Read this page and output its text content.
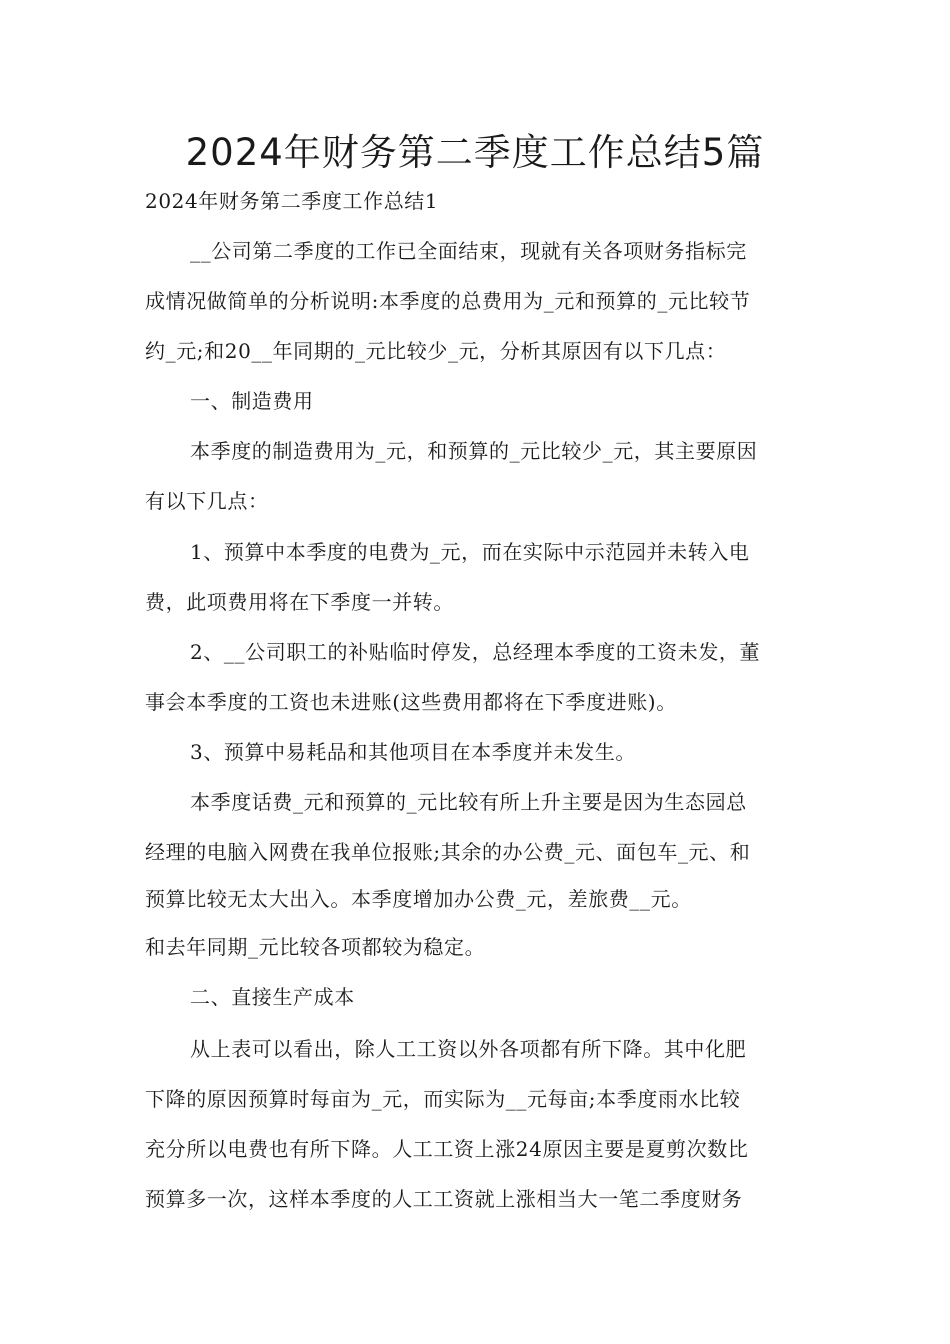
2024年财务第二季度工作总结5篇
2024年财务第二季度工作总结1
__公司第二季度的工作已全面结束，现就有关各项财务指标完
成情况做简单的分析说明:本季度的总费用为_元和预算的_元比较节
约_元;和20__年同期的_元比较少_元，分析其原因有以下几点：
一、制造费用
本季度的制造费用为_元，和预算的_元比较少_元，其主要原因
有以下几点：
1、预算中本季度的电费为_元，而在实际中示范园并未转入电
费，此项费用将在下季度一并转。
2、__公司职工的补贴临时停发，总经理本季度的工资未发，董
事会本季度的工资也未进账(这些费用都将在下季度进账)。
3、预算中易耗品和其他项目在本季度并未发生。
本季度话费_元和预算的_元比较有所上升主要是因为生态园总
经理的电脑入网费在我单位报账;其余的办公费_元、面包车_元、和
预算比较无太大出入。本季度增加办公费_元，差旅费__元。
和去年同期_元比较各项都较为稳定。
二、直接生产成本
从上表可以看出，除人工工资以外各项都有所下降。其中化肥
下降的原因预算时每亩为_元，而实际为__元每亩;本季度雨水比较
充分所以电费也有所下降。人工工资上涨24原因主要是夏剪次数比
预算多一次，这样本季度的人工工资就上涨相当大一笔二季度财务
